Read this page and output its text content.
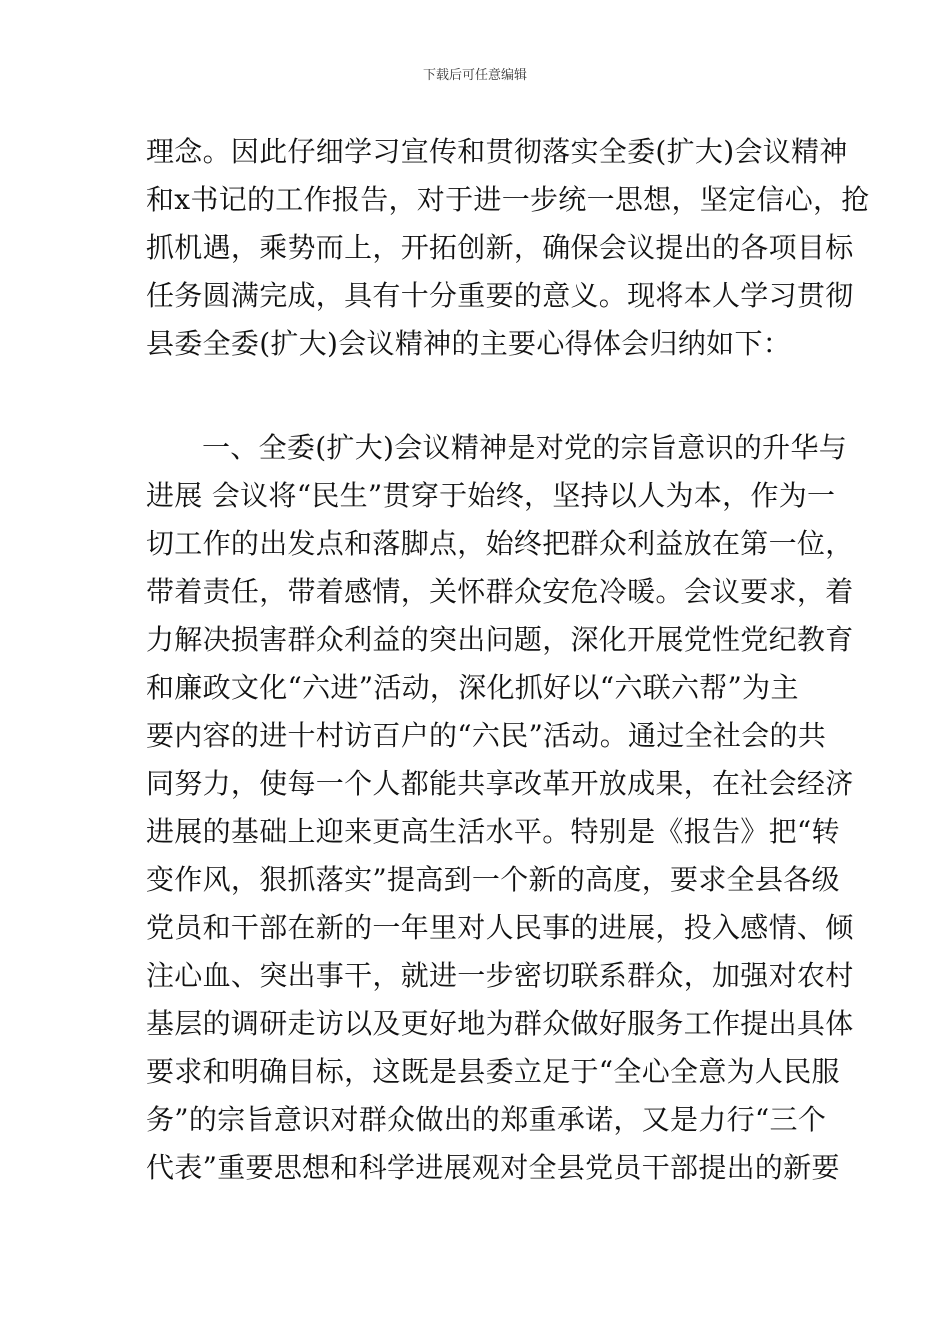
下载后可任意编辑
理念。因此仔细学习宣传和贯彻落实全委(扩大)会议精神
和x书记的工作报告，对于进一步统一思想，坚定信心，抢
抓机遇，乘势而上，开拓创新，确保会议提出的各项目标
任务圆满完成，具有十分重要的意义。现将本人学习贯彻
县委全委(扩大)会议精神的主要心得体会归纳如下：
一、全委(扩大)会议精神是对党的宗旨意识的升华与
进展 会议将“民生”贯穿于始终，坚持以人为本，作为一
切工作的出发点和落脚点，始终把群众利益放在第一位，
带着责任，带着感情，关怀群众安危冷暖。会议要求，着
力解决损害群众利益的突出问题，深化开展党性党纪教育
和廉政文化“六进”活动，深化抓好以“六联六帮”为主
要内容的进十村访百户的“六民”活动。通过全社会的共
同努力，使每一个人都能共享改革开放成果，在社会经济
进展的基础上迎来更高生活水平。特别是《报告》把“转
变作风，狠抓落实”提高到一个新的高度，要求全县各级
党员和干部在新的一年里对人民事的进展，投入感情、倾
注心血、突出事干，就进一步密切联系群众，加强对农村
基层的调研走访以及更好地为群众做好服务工作提出具体
要求和明确目标，这既是县委立足于“全心全意为人民服
务”的宗旨意识对群众做出的郑重承诺，又是力行“三个
代表”重要思想和科学进展观对全县党员干部提出的新要
